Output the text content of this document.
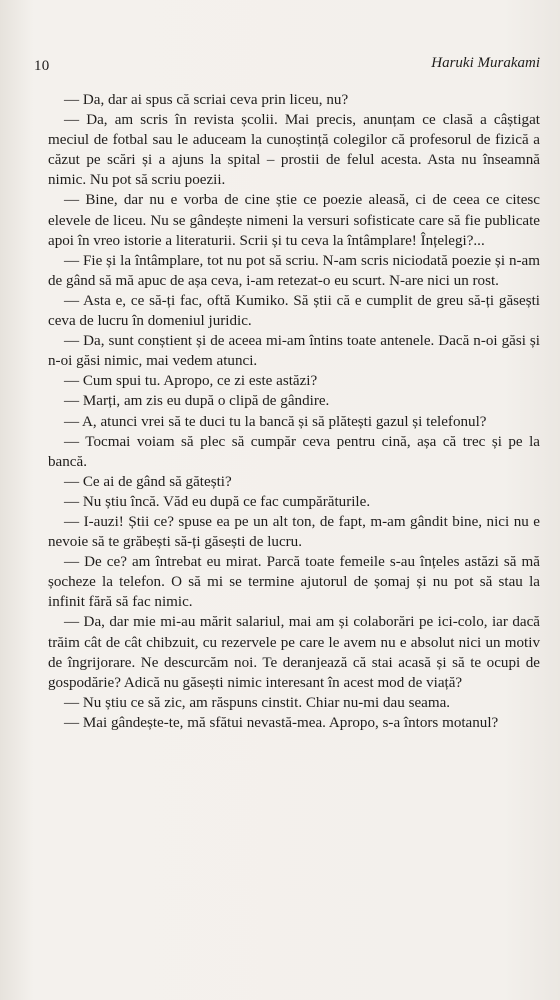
10	Haruki Murakami

— Da, dar ai spus că scriai ceva prin liceu, nu?

— Da, am scris în revista școlii. Mai precis, anunțam ce clasă a câștigat meciul de fotbal sau le aduceam la cunoștință colegilor că profesorul de fizică a căzut pe scări și a ajuns la spital – prostii de felul acesta. Asta nu înseamnă nimic. Nu pot să scriu poezii.

— Bine, dar nu e vorba de cine știe ce poezie aleasă, ci de ceea ce citesc elevele de liceu. Nu se gândește nimeni la versuri sofisticate care să fie publicate apoi în vreo istorie a literaturii. Scrii și tu ceva la întâmplare! Înțelegi?...

— Fie și la întâmplare, tot nu pot să scriu. N-am scris niciodată poezie și n-am de gând să mă apuc de așa ceva, i-am retezat-o eu scurt. N-are nici un rost.

— Asta e, ce să-ți fac, oftă Kumiko. Să știi că e cumplit de greu să-ți găsești ceva de lucru în domeniul juridic.

— Da, sunt conștient și de aceea mi-am întins toate antenele. Dacă n-oi găsi și n-oi găsi nimic, mai vedem atunci.

— Cum spui tu. Apropo, ce zi este astăzi?

— Marți, am zis eu după o clipă de gândire.

— A, atunci vrei să te duci tu la bancă și să plătești gazul și telefonul?

— Tocmai voiam să plec să cumpăr ceva pentru cină, așa că trec și pe la bancă.

— Ce ai de gând să gătești?

— Nu știu încă. Văd eu după ce fac cumpărăturile.

— I-auzi! Știi ce? spuse ea pe un alt ton, de fapt, m-am gândit bine, nici nu e nevoie să te grăbești să-ți găsești de lucru.

— De ce? am întrebat eu mirat. Parcă toate femeile s-au înțeles astăzi să mă șocheze la telefon. O să mi se termine ajutorul de șomaj și nu pot să stau la infinit fără să fac nimic.

— Da, dar mie mi-au mărit salariul, mai am și colaborări pe ici-colo, iar dacă trăim cât de cât chibzuit, cu rezervele pe care le avem nu e absolut nici un motiv de îngrijorare. Ne descurcăm noi. Te deranjează că stai acasă și să te ocupi de gospodărie? Adică nu găsești nimic interesant în acest mod de viață?

— Nu știu ce să zic, am răspuns cinstit. Chiar nu-mi dau seama.

— Mai gândește-te, mă sfătui nevastă-mea. Apropo, s-a întors motanul?
